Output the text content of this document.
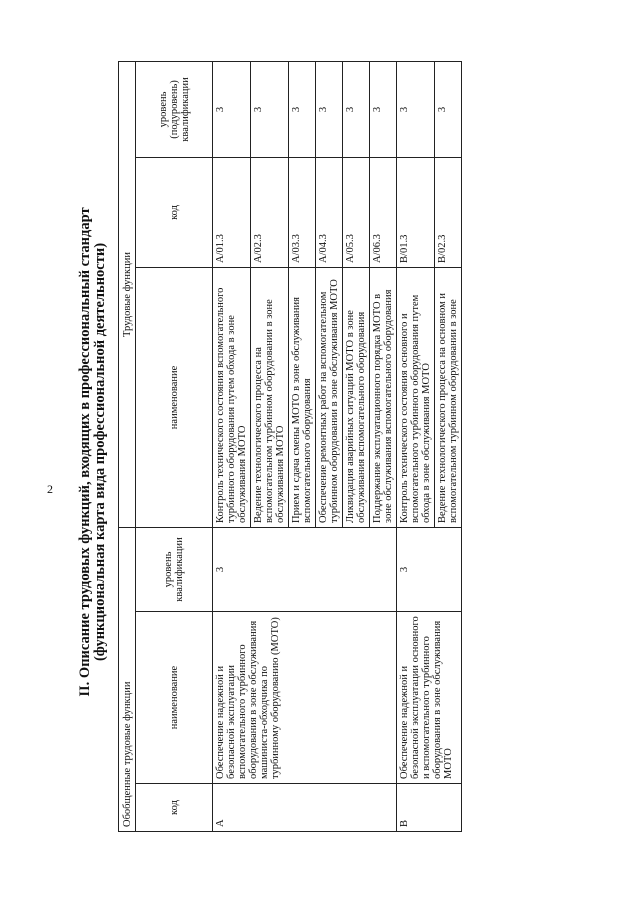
2 II. Описание трудовых функций, входящих в профессиональный стандарт (функциональная карта вида профессиональной деятельности)
Обобщенные трудовые функции			Трудовые функции		
код	наименование	уровень квалификации	наименование	код	уровень (подуровень) квалификации
A	Обеспечение надежной и безопасной эксплуатации вспомогательного турбинного оборудования в зоне обслуживания машиниста-обходчика по турбинному оборудованию (МОТО)	3	Контроль технического состояния вспомогательного турбинного оборудования путем обхода в зоне обслуживания МОТО	A/01.3	3
			Ведение технологического процесса на вспомогательном турбинном оборудовании в зоне обслуживания МОТО	A/02.3	3
			Прием и сдача смены МОТО в зоне обслуживания вспомогательного оборудования	A/03.3	3
			Обеспечение ремонтных работ на вспомогательном турбинном оборудовании в зоне обслуживания МОТО	A/04.3	3
			Ликвидация аварийных ситуаций МОТО в зоне обслуживания вспомогательного оборудования	A/05.3	3
			Поддержание эксплуатационного порядка МОТО в зоне обслуживания вспомогательного оборудования	A/06.3	3
B	Обеспечение надежной и безопасной эксплуатации основного и вспомогательного турбинного оборудования в зоне обслуживания МОТО	3	Контроль технического состояния основного и вспомогательного турбинного оборудования путем обхода в зоне обслуживания МОТО	B/01.3	3
			Ведение технологического процесса на основном и вспомогательном турбинном оборудовании в зоне	B/02.3	3
